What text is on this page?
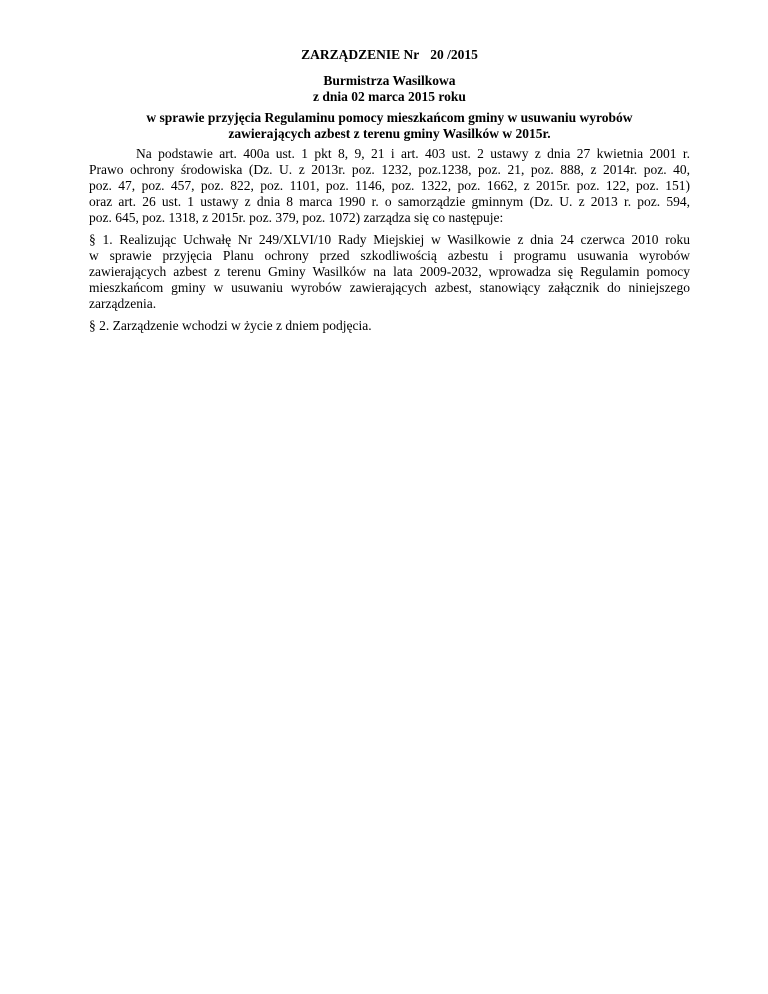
ZARZĄDZENIE Nr 20 /2015
Burmistrza Wasilkowa
z dnia 02 marca 2015 roku
w sprawie przyjęcia Regulaminu pomocy mieszkańcom gminy w usuwaniu wyrobów
zawierających azbest z terenu gminy Wasilków w 2015r.
Na podstawie art. 400a ust. 1 pkt 8, 9, 21 i art. 403 ust. 2 ustawy z dnia 27 kwietnia 2001 r.
Prawo ochrony środowiska (Dz. U. z 2013r. poz. 1232, poz.1238, poz. 21, poz. 888, z 2014r. poz. 40,
poz. 47, poz. 457, poz. 822, poz. 1101, poz. 1146, poz. 1322, poz. 1662, z 2015r. poz. 122, poz. 151)
oraz art. 26 ust. 1 ustawy z dnia 8 marca 1990 r. o samorządzie gminnym (Dz. U. z 2013 r. poz. 594,
poz. 645, poz. 1318, z 2015r. poz. 379, poz. 1072) zarządza się co następuje:
§ 1. Realizując Uchwałę Nr 249/XLVI/10 Rady Miejskiej w Wasilkowie z dnia 24 czerwca 2010 roku
w sprawie przyjęcia Planu ochrony przed szkodliwością azbestu i programu usuwania wyrobów
zawierających azbest z terenu Gminy Wasilków na lata 2009-2032, wprowadza się Regulamin pomocy
mieszkańcom gminy w usuwaniu wyrobów zawierających azbest, stanowiący załącznik do niniejszego
zarządzenia.
§ 2. Zarządzenie wchodzi w życie z dniem podjęcia.
